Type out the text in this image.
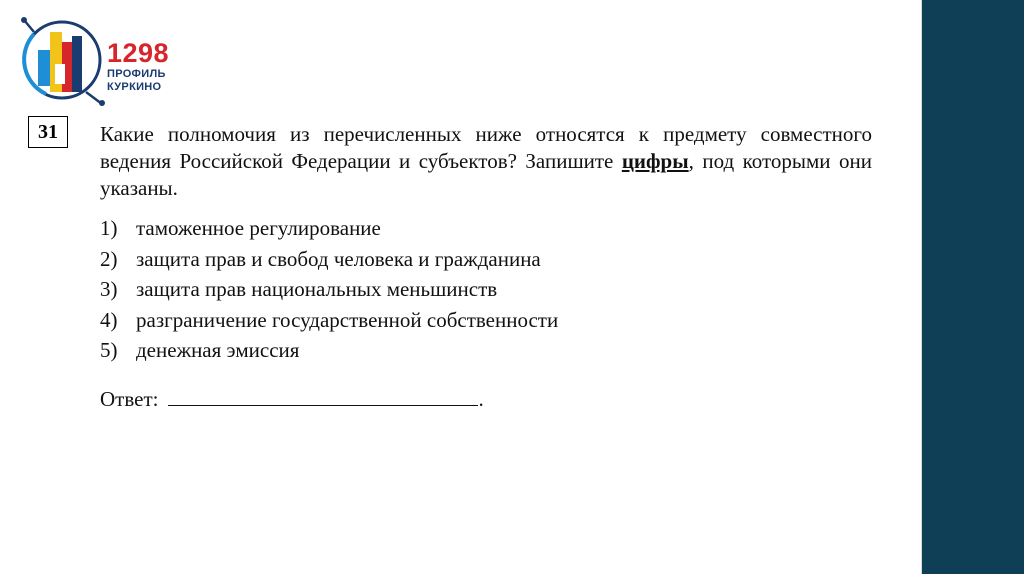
1298
ПРОФИЛЬ
КУРКИНО
31	Какие полномочия из перечисленных ниже относятся к предмету совместного ведения Российской Федерации и субъектов? Запишите цифры, под которыми они указаны.
1) таможенное регулирование
2) защита прав и свобод человека и гражданина
3) защита прав национальных меньшинств
4) разграничение государственной собственности
5) денежная эмиссия
Ответ:	.
